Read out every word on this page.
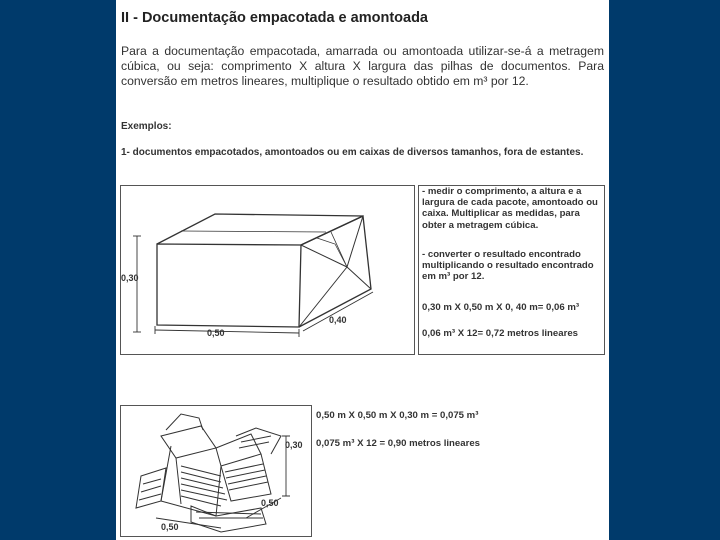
II - Documentação empacotada e amontoada
Para a documentação empacotada, amarrada ou amontoada utilizar-se-á a metragem cúbica, ou seja: comprimento X altura X largura das pilhas de documentos. Para conversão em metros lineares, multiplique o resultado obtido em m³ por 12.
Exemplos:
1- documentos empacotados, amontoados ou em caixas de diversos tamanhos, fora de estantes.
0,30
0,50
0,40
- medir o comprimento, a altura e a largura de cada pacote, amontoado ou caixa. Multiplicar as medidas, para obter a metragem cúbica.
- converter o resultado encontrado multiplicando o resultado encontrado em m³ por 12.
0,30 m X 0,50 m X 0, 40 m= 0,06 m³
0,06 m³ X 12= 0,72 metros lineares
0,30
0,50
0,50
0,50 m X 0,50 m X 0,30 m = 0,075 m³
0,075 m³ X 12 = 0,90 metros lineares
